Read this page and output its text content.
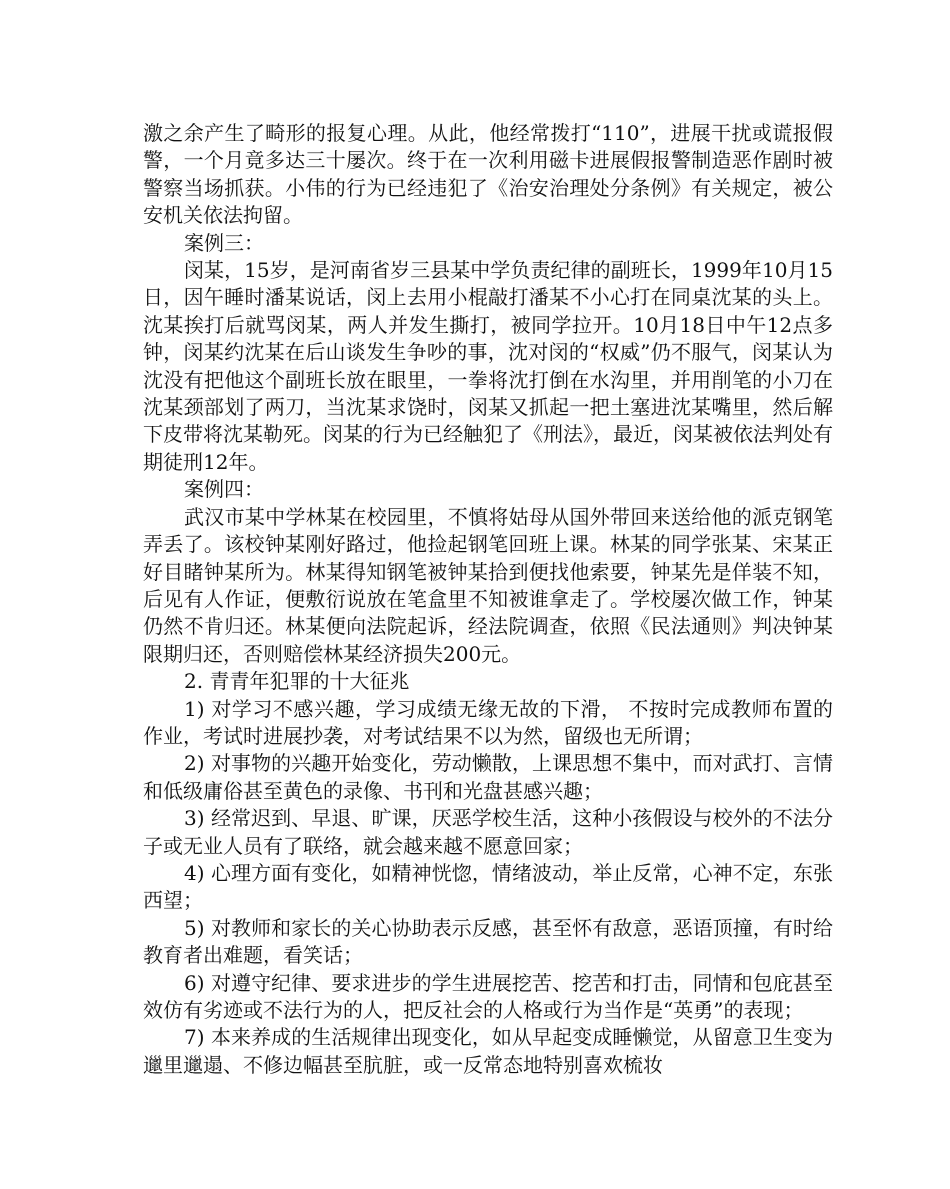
激之余产生了畸形的报复心理。从此，他经常拨打“110”，进展干扰或谎报假警，一个月竟多达三十屡次。终于在一次利用磁卡进展假报警制造恶作剧时被警察当场抓获。小伟的行为已经违犯了《治安治理处分条例》有关规定，被公安机关依法拘留。

案例三：

闵某，15岁，是河南省岁三县某中学负责纪律的副班长，1999年10月15日，因午睡时潘某说话，闵上去用小棍敲打潘某不小心打在同桌沈某的头上。沈某挨打后就骂闵某，两人并发生撕打，被同学拉开。10月18日中午12点多钟，闵某约沈某在后山谈发生争吵的事，沈对闵的“权威”仍不服气，闵某认为沈没有把他这个副班长放在眼里，一拳将沈打倒在水沟里，并用削笔的小刀在沈某颈部划了两刀，当沈某求饶时，闵某又抓起一把土塞进沈某嘴里，然后解下皮带将沈某勒死。闵某的行为已经触犯了《刑法》，最近，闵某被依法判处有期徒刑12年。

案例四：

武汉市某中学林某在校园里，不慎将姑母从国外带回来送给他的派克钢笔弄丢了。该校钟某刚好路过，他捡起钢笔回班上课。林某的同学张某、宋某正好目睹钟某所为。林某得知钢笔被钟某拾到便找他索要，钟某先是佯装不知，后见有人作证，便敷衍说放在笔盒里不知被谁拿走了。学校屡次做工作，钟某仍然不肯归还。林某便向法院起诉，经法院调查，依照《民法通则》判决钟某限期归还，否则赔偿林某经济损失200元。

2. 青青年犯罪的十大征兆

1) 对学习不感兴趣，学习成绩无缘无故的下滑， 不按时完成教师布置的作业，考试时进展抄袭，对考试结果不以为然，留级也无所谓；

2) 对事物的兴趣开始变化，劳动懒散，上课思想不集中，而对武打、言情和低级庸俗甚至黄色的录像、书刊和光盘甚感兴趣；

3) 经常迟到、早退、旷课，厌恶学校生活，这种小孩假设与校外的不法分子或无业人员有了联络，就会越来越不愿意回家；

4) 心理方面有变化，如精神恍惚，情绪波动，举止反常，心神不定，东张西望；

5) 对教师和家长的关心协助表示反感，甚至怀有敌意，恶语顶撞，有时给教育者出难题，看笑话；

6) 对遵守纪律、要求进步的学生进展挖苦、挖苦和打击，同情和包庇甚至效仿有劣迹或不法行为的人，把反社会的人格或行为当作是“英勇”的表现；

7) 本来养成的生活规律出现变化，如从早起变成睡懒觉，从留意卫生变为邋里邋遢、不修边幅甚至肮脏，或一反常态地特别喜欢梳妆
